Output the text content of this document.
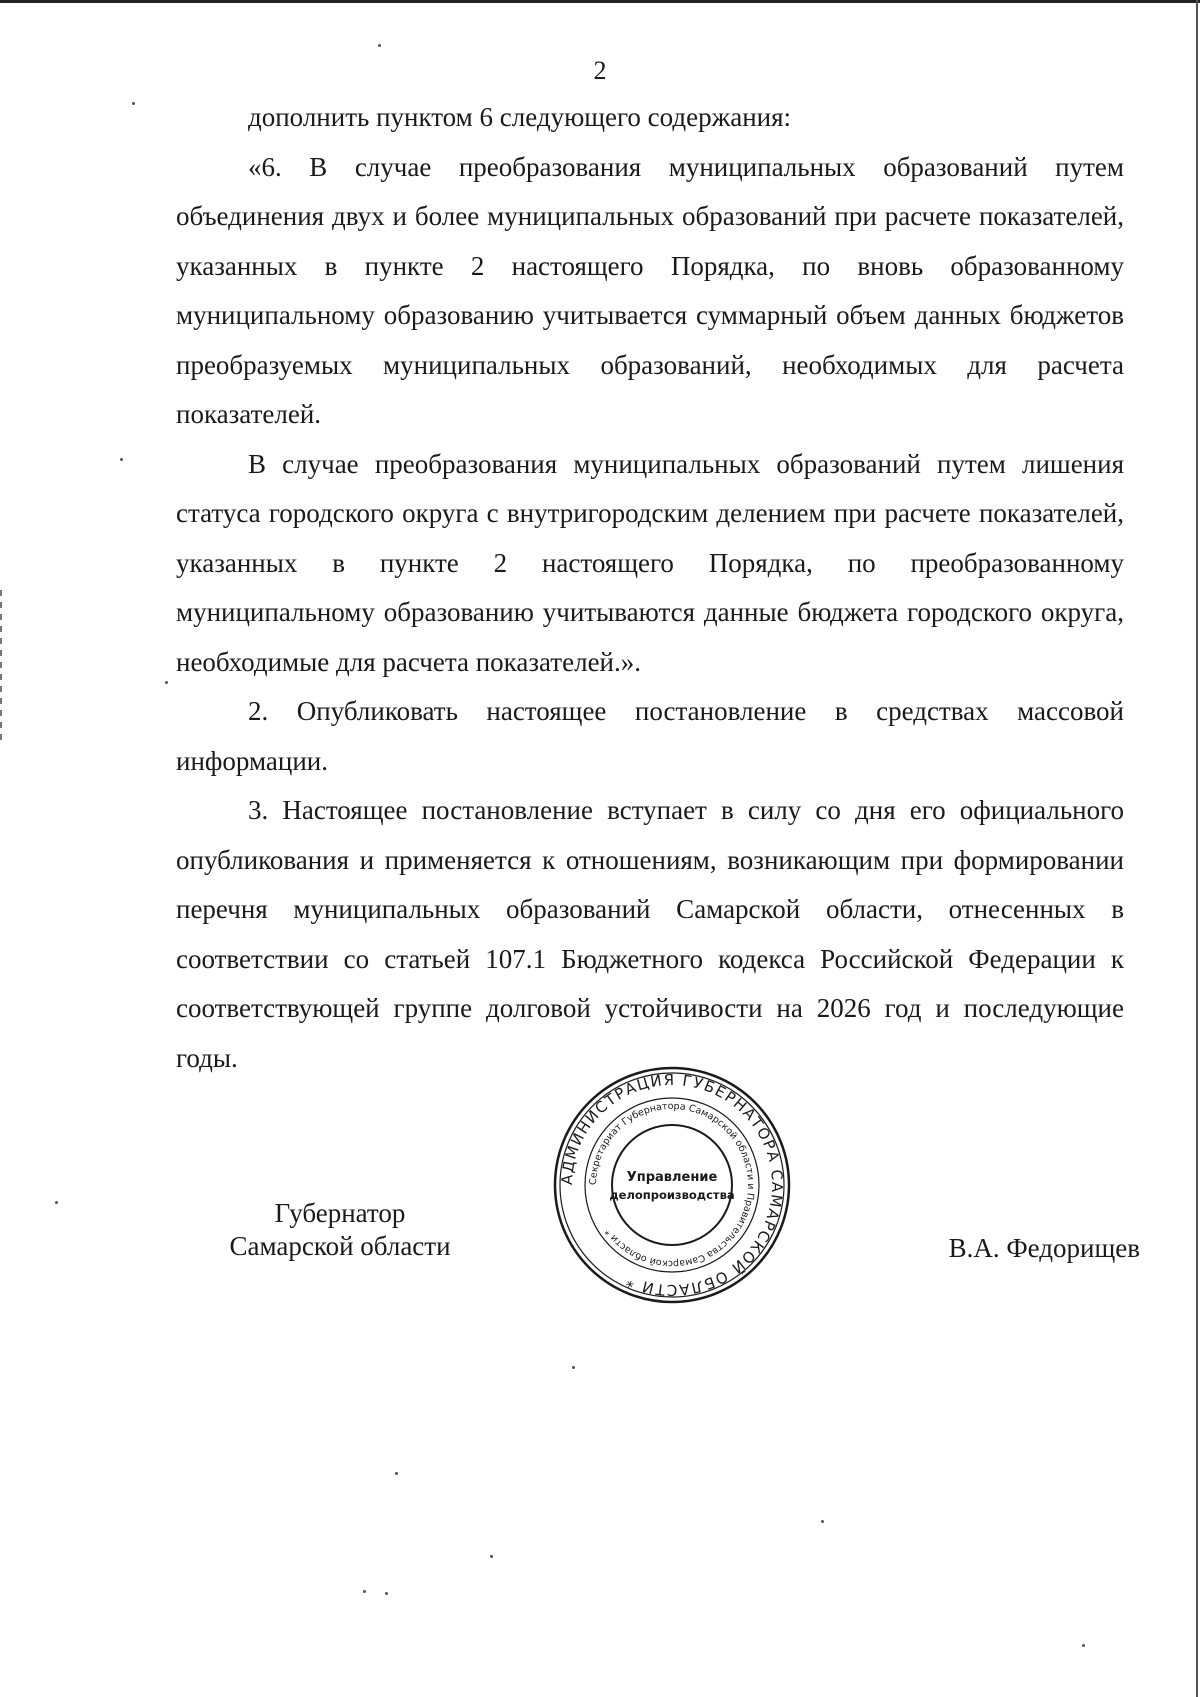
2

дополнить пунктом 6 следующего содержания:

«6. В случае преобразования муниципальных образований путем объединения двух и более муниципальных образований при расчете показателей, указанных в пункте 2 настоящего Порядка, по вновь образованному муниципальному образованию учитывается суммарный объем данных бюджетов преобразуемых муниципальных образований, необходимых для расчета показателей.

В случае преобразования муниципальных образований путем лишения статуса городского округа с внутригородским делением при расчете показателей, указанных в пункте 2 настоящего Порядка, по преобразованному муниципальному образованию учитываются данные бюджета городского округа, необходимые для расчета показателей.».

2. Опубликовать настоящее постановление в средствах массовой информации.

3. Настоящее постановление вступает в силу со дня его официального опубликования и применяется к отношениям, возникающим при формировании перечня муниципальных образований Самарской области, отнесенных в соответствии со статьей 107.1 Бюджетного кодекса Российской Федерации к соответствующей группе долговой устойчивости на 2026 год и последующие годы.

Губернатор
Самарской области	В.А. Федорищев
АДМИНИСТРАЦИЯ ГУБЕРНАТОРА САМАРСКОЙ ОБЛАСТИ *
Секретариат Губернатора Самарской области и Правительства Самарской области *
Управление
делопроизводства
